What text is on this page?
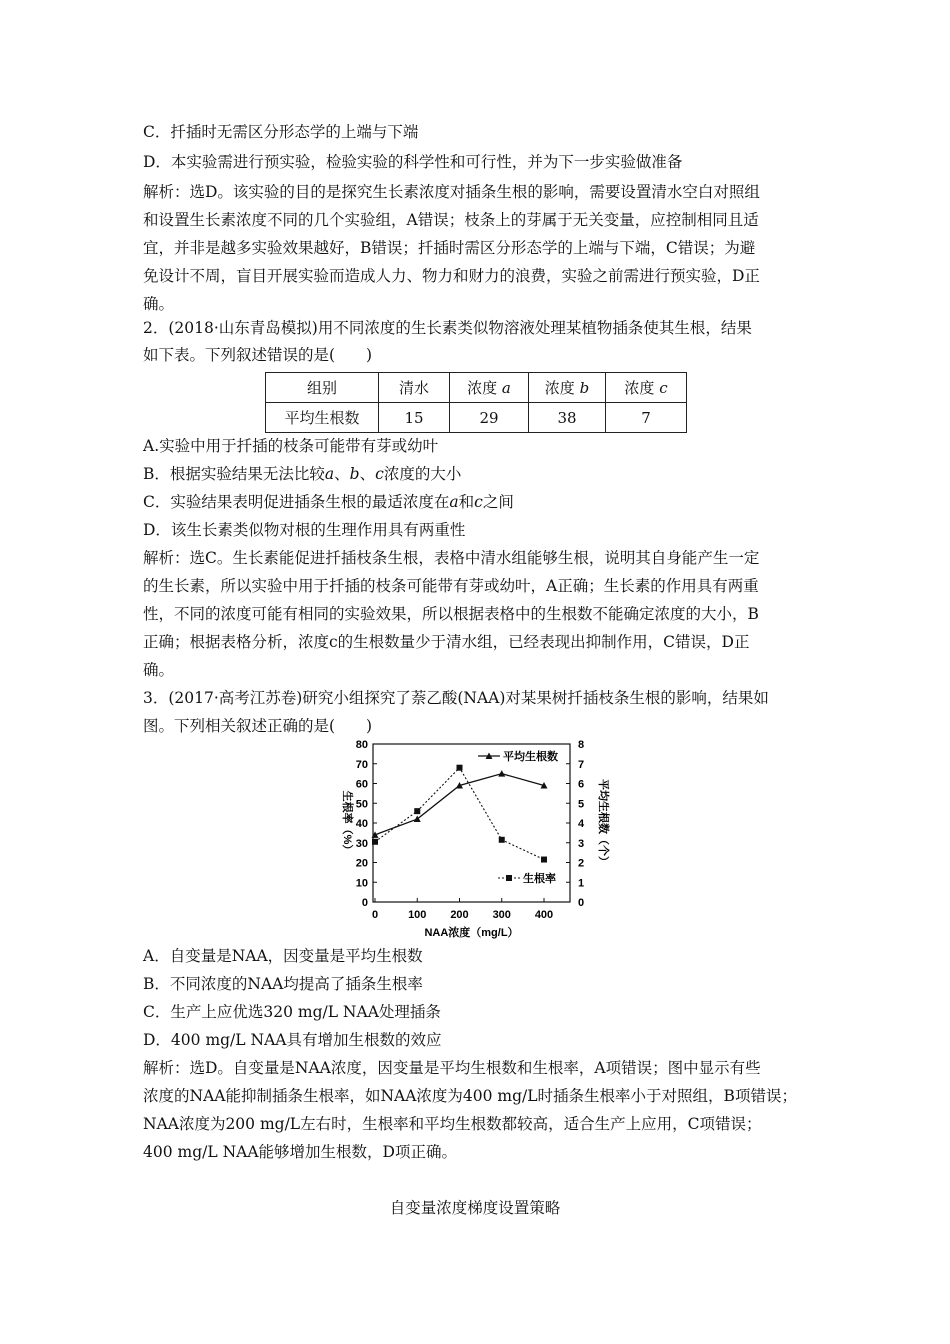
C．扦插时无需区分形态学的上端与下端
D．本实验需进行预实验，检验实验的科学性和可行性，并为下一步实验做准备
解析：选D。该实验的目的是探究生长素浓度对插条生根的影响，需要设置清水空白对照组
和设置生长素浓度不同的几个实验组，A错误；枝条上的芽属于无关变量，应控制相同且适
宜，并非是越多实验效果越好，B错误；扦插时需区分形态学的上端与下端，C错误；为避
免设计不周，盲目开展实验而造成人力、物力和财力的浪费，实验之前需进行预实验，D正
确。
2．(2018·山东青岛模拟)用不同浓度的生长素类似物溶液处理某植物插条使其生根，结果
如下表。下列叙述错误的是(　　)
组别	清水	浓度 a	浓度 b	浓度 c
平均生根数	15	29	38	7
A.实验中用于扦插的枝条可能带有芽或幼叶
B．根据实验结果无法比较a、b、c浓度的大小
C．实验结果表明促进插条生根的最适浓度在a和c之间
D．该生长素类似物对根的生理作用具有两重性
解析：选C。生长素能促进扦插枝条生根，表格中清水组能够生根，说明其自身能产生一定
的生长素，所以实验中用于扦插的枝条可能带有芽或幼叶，A正确；生长素的作用具有两重
性，不同的浓度可能有相同的实验效果，所以根据表格中的生根数不能确定浓度的大小，B
正确；根据表格分析，浓度c的生根数量少于清水组，已经表现出抑制作用，C错误，D正
确。
3．(2017·高考江苏卷)研究小组探究了萘乙酸(NAA)对某果树扦插枝条生根的影响，结果如
图。下列相关叙述正确的是(　　)
0
10
20
30
40
50
60
70
80
0
1
2
3
4
5
6
7
8
0	100 200 300 400
NAA浓度（mg/L）
生根率（%）	平均生根数（个）
平均生根数
生根率
A．自变量是NAA，因变量是平均生根数
B．不同浓度的NAA均提高了插条生根率
C．生产上应优选320 mg/L NAA处理插条
D．400 mg/L NAA具有增加生根数的效应
解析：选D。自变量是NAA浓度，因变量是平均生根数和生根率，A项错误；图中显示有些
浓度的NAA能抑制插条生根率，如NAA浓度为400 mg/L时插条生根率小于对照组，B项错误；
NAA浓度为200 mg/L左右时，生根率和平均生根数都较高，适合生产上应用，C项错误；
400 mg/L NAA能够增加生根数，D项正确。
自变量浓度梯度设置策略
